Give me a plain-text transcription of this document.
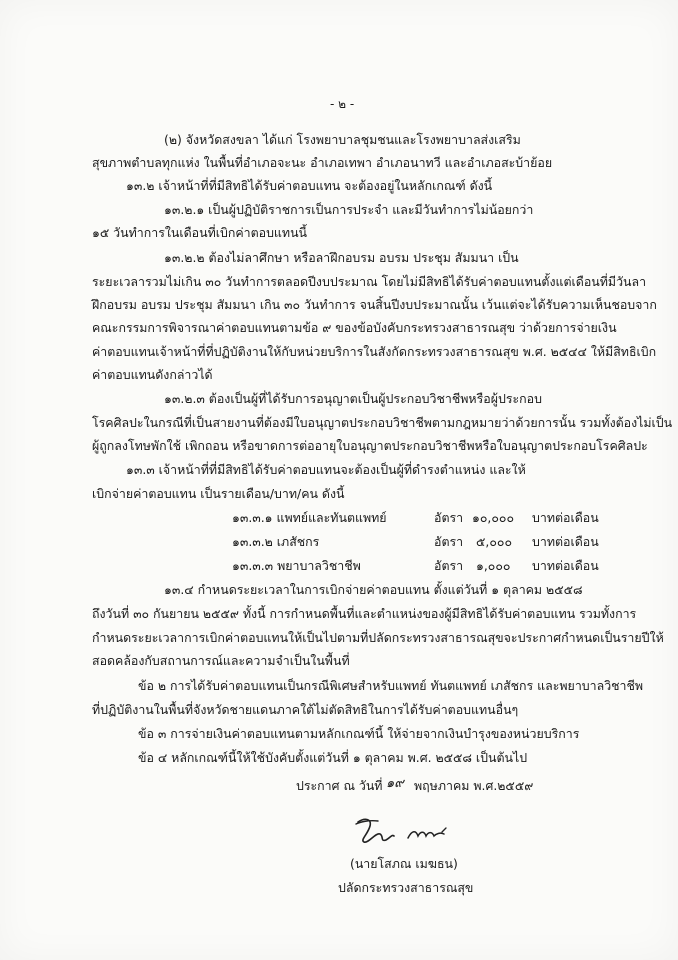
- ๒ -
(๒) จังหวัดสงขลา ได้แก่ โรงพยาบาลชุมชนและโรงพยาบาลส่งเสริม
สุขภาพตำบลทุกแห่ง ในพื้นที่อำเภอจะนะ อำเภอเทพา อำเภอนาทวี และอำเภอสะบ้าย้อย
๑๓.๒ เจ้าหน้าที่ที่มีสิทธิได้รับค่าตอบแทน จะต้องอยู่ในหลักเกณฑ์ ดังนี้
๑๓.๒.๑ เป็นผู้ปฏิบัติราชการเป็นการประจำ และมีวันทำการไม่น้อยกว่า
๑๕ วันทำการในเดือนที่เบิกค่าตอบแทนนี้
๑๓.๒.๒ ต้องไม่ลาศึกษา หรือลาฝึกอบรม อบรม ประชุม สัมมนา เป็น
ระยะเวลารวมไม่เกิน ๓๐ วันทำการตลอดปีงบประมาณ โดยไม่มีสิทธิได้รับค่าตอบแทนตั้งแต่เดือนที่มีวันลา
ฝึกอบรม อบรม ประชุม สัมมนา เกิน ๓๐ วันทำการ จนสิ้นปีงบประมาณนั้น เว้นแต่จะได้รับความเห็นชอบจาก
คณะกรรมการพิจารณาค่าตอบแทนตามข้อ ๙ ของข้อบังคับกระทรวงสาธารณสุข ว่าด้วยการจ่ายเงิน
ค่าตอบแทนเจ้าหน้าที่ที่ปฏิบัติงานให้กับหน่วยบริการในสังกัดกระทรวงสาธารณสุข พ.ศ. ๒๕๔๔ ให้มีสิทธิเบิก
ค่าตอบแทนดังกล่าวได้
๑๓.๒.๓ ต้องเป็นผู้ที่ได้รับการอนุญาตเป็นผู้ประกอบวิชาชีพหรือผู้ประกอบ
โรคศิลปะในกรณีที่เป็นสายงานที่ต้องมีใบอนุญาตประกอบวิชาชีพตามกฎหมายว่าด้วยการนั้น รวมทั้งต้องไม่เป็น
ผู้ถูกลงโทษพักใช้ เพิกถอน หรือขาดการต่ออายุใบอนุญาตประกอบวิชาชีพหรือใบอนุญาตประกอบโรคศิลปะ
๑๓.๓ เจ้าหน้าที่ที่มีสิทธิได้รับค่าตอบแทนจะต้องเป็นผู้ที่ดำรงตำแหน่ง และให้
เบิกจ่ายค่าตอบแทน เป็นรายเดือน/บาท/คน ดังนี้
๑๓.๓.๑ แพทย์และทันตแพทย์	อัตรา ๑๐,๐๐๐ บาทต่อเดือน
๑๓.๓.๒ เภสัชกร	อัตรา ๕,๐๐๐ บาทต่อเดือน
๑๓.๓.๓ พยาบาลวิชาชีพ	อัตรา ๑,๐๐๐ บาทต่อเดือน
๑๓.๔ กำหนดระยะเวลาในการเบิกจ่ายค่าตอบแทน ตั้งแต่วันที่ ๑ ตุลาคม ๒๕๕๘
ถึงวันที่ ๓๐ กันยายน ๒๕๕๙ ทั้งนี้ การกำหนดพื้นที่และตำแหน่งของผู้มีสิทธิได้รับค่าตอบแทน รวมทั้งการ
กำหนดระยะเวลาการเบิกค่าตอบแทนให้เป็นไปตามที่ปลัดกระทรวงสาธารณสุขจะประกาศกำหนดเป็นรายปีให้
สอดคล้องกับสถานการณ์และความจำเป็นในพื้นที่
ข้อ ๒ การได้รับค่าตอบแทนเป็นกรณีพิเศษสำหรับแพทย์ ทันตแพทย์ เภสัชกร และพยาบาลวิชาชีพ
ที่ปฏิบัติงานในพื้นที่จังหวัดชายแดนภาคใต้ไม่ตัดสิทธิในการได้รับค่าตอบแทนอื่นๆ
ข้อ ๓ การจ่ายเงินค่าตอบแทนตามหลักเกณฑ์นี้ ให้จ่ายจากเงินบำรุงของหน่วยบริการ
ข้อ ๔ หลักเกณฑ์นี้ให้ใช้บังคับตั้งแต่วันที่ ๑ ตุลาคม พ.ศ. ๒๕๕๘ เป็นต้นไป
ประกาศ ณ วันที่ ๑๙ พฤษภาคม พ.ศ.๒๕๕๙
(นายโสภณ เมฆธน)
ปลัดกระทรวงสาธารณสุข
